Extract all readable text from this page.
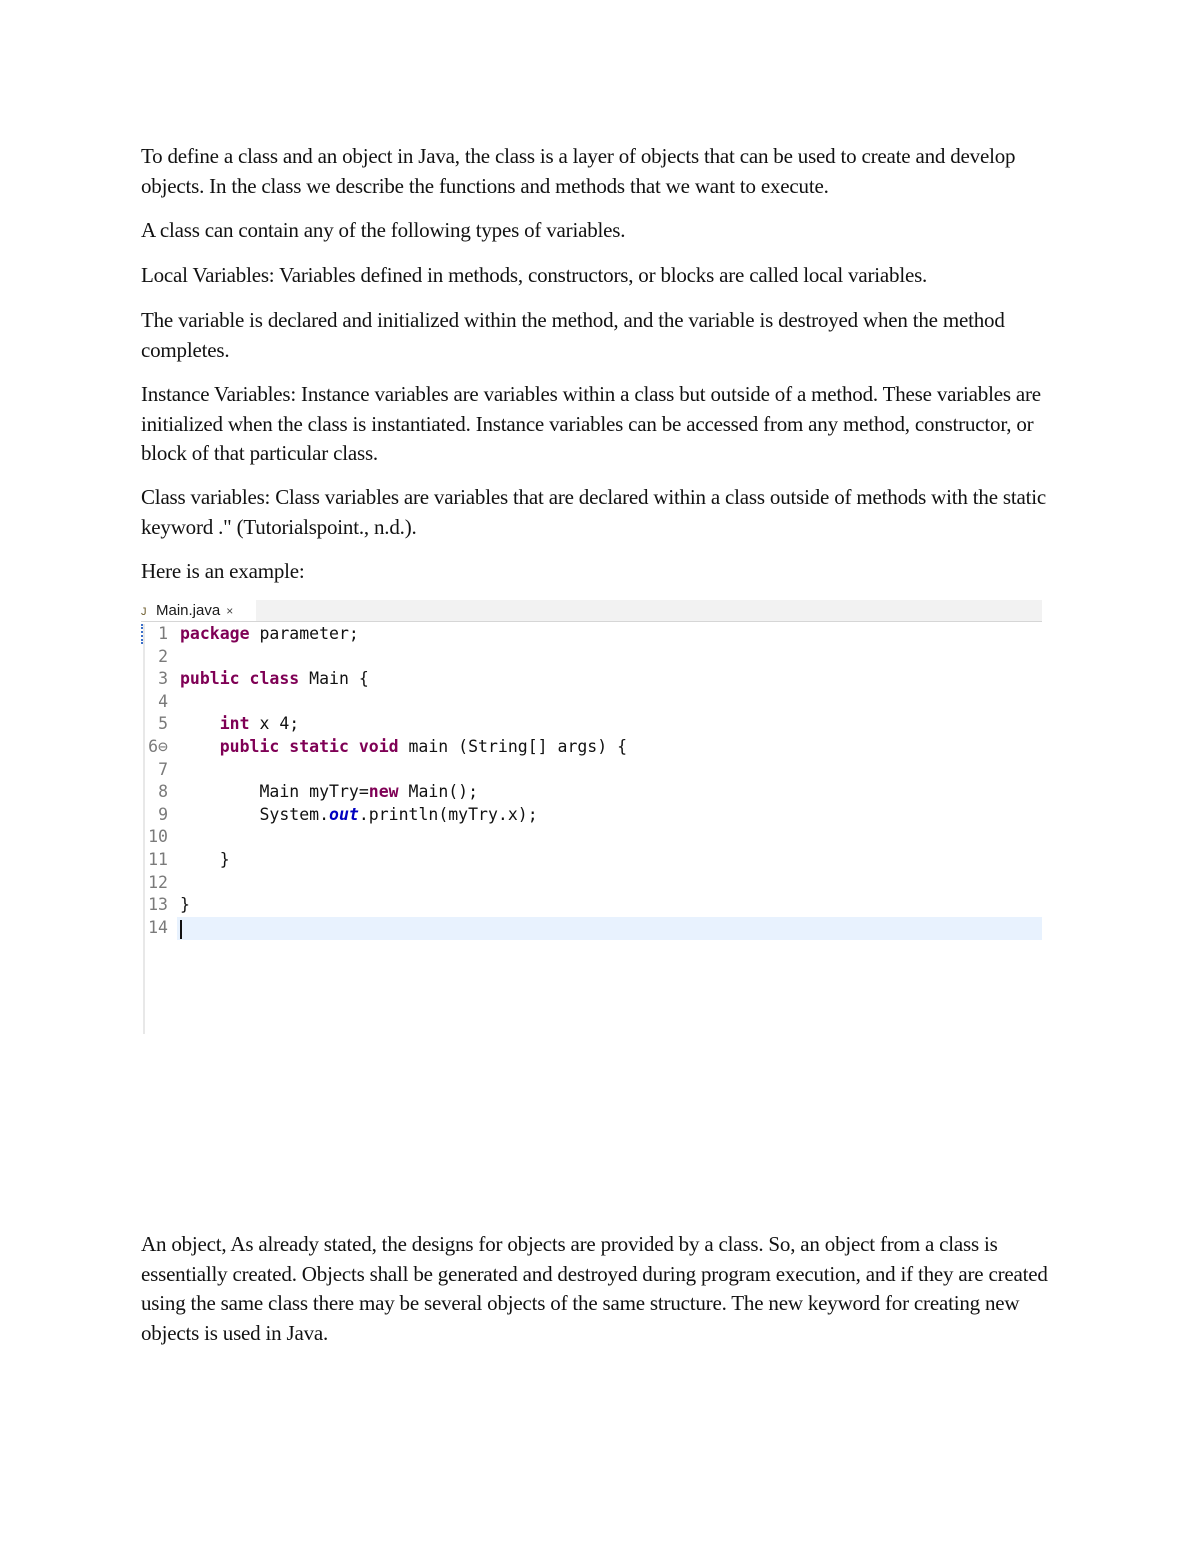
To define a class and an object in Java, the class is a layer of objects that can be used to create and develop objects. In the class we describe the functions and methods that we want to execute.

A class can contain any of the following types of variables.

Local Variables: Variables defined in methods, constructors, or blocks are called local variables.

The variable is declared and initialized within the method, and the variable is destroyed when the method completes.

Instance Variables: Instance variables are variables within a class but outside of a method. These variables are initialized when the class is instantiated. Instance variables can be accessed from any method, constructor, or block of that particular class.

Class variables: Class variables are variables that are declared within a class outside of methods with the static keyword ." (Tutorialspoint., n.d.).

Here is an example:

J Main.java ×
1 package parameter;
2
3 public class Main {
4
5	int x 4;
6⊖	public static void main (String[] args) {
7
8	Main myTry=new Main();
9	System.out.println(myTry.x);
10
11	}
12
13 }
14

An object, As already stated, the designs for objects are provided by a class. So, an object from a class is essentially created. Objects shall be generated and destroyed during program execution, and if they are created using the same class there may be several objects of the same structure. The new keyword for creating new objects is used in Java.
